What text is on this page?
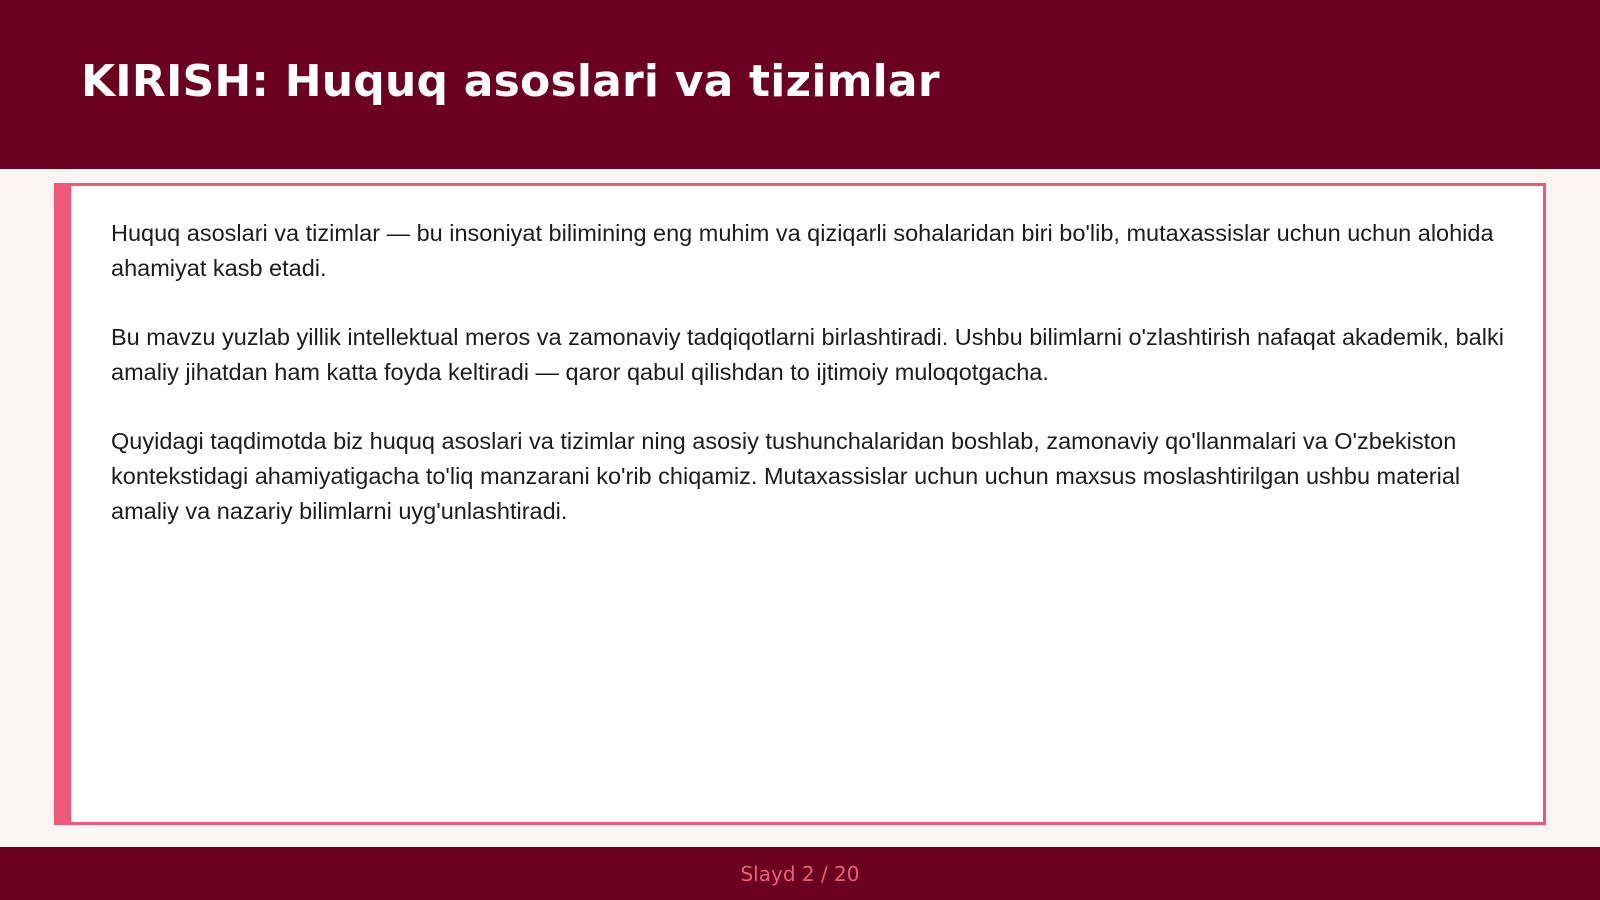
KIRISH: Huquq asoslari va tizimlar

Huquq asoslari va tizimlar — bu insoniyat bilimining eng muhim va qiziqarli sohalaridan biri bo'lib, mutaxassislar uchun uchun alohida ahamiyat kasb etadi.

Bu mavzu yuzlab yillik intellektual meros va zamonaviy tadqiqotlarni birlashtiradi. Ushbu bilimlarni o'zlashtirish nafaqat akademik, balki amaliy jihatdan ham katta foyda keltiradi — qaror qabul qilishdan to ijtimoiy muloqotgacha.

Quyidagi taqdimotda biz huquq asoslari va tizimlar ning asosiy tushunchalaridan boshlab, zamonaviy qo'llanmalari va O'zbekiston kontekstidagi ahamiyatigacha to'liq manzarani ko'rib chiqamiz. Mutaxassislar uchun uchun maxsus moslashtirilgan ushbu material amaliy va nazariy bilimlarni uyg'unlashtiradi.

Slayd 2 / 20
